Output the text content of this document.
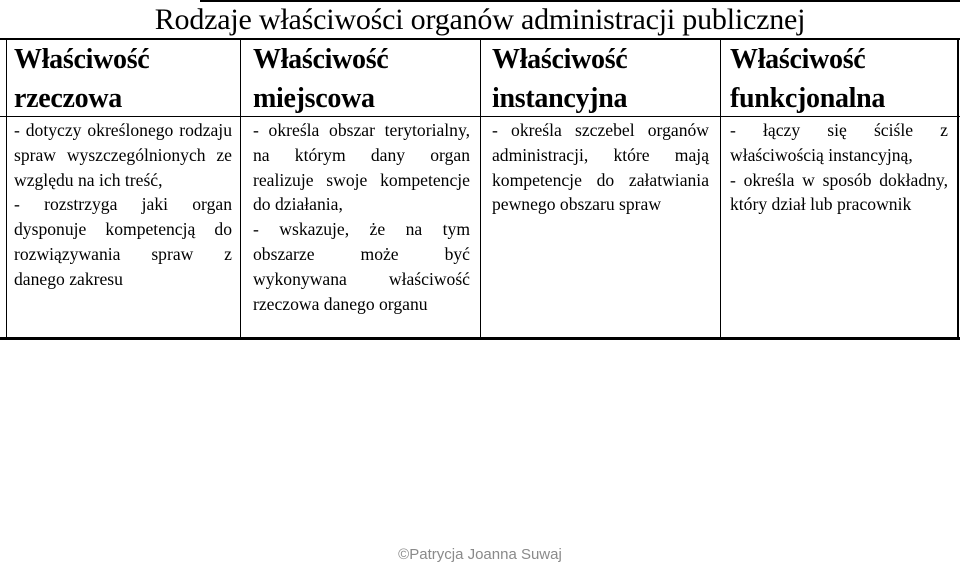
Rodzaje właściwości organów administracji publicznej
Właściwość
rzeczowa

- dotyczy określonego rodzaju spraw wyszczególnionych ze względu na ich treść,

- rozstrzyga jaki organ dysponuje kompetencją do rozwiązywania spraw z danego zakresu

Właściwość
miejscowa

- określa obszar terytorialny, na którym dany organ realizuje swoje kompetencje do działania,

- wskazuje, że na tym obszarze może być wykonywana właściwość rzeczowa danego organu

Właściwość
instancyjna

- określa szczebel organów administracji, które mają kompetencje do załatwiania pewnego obszaru spraw

Właściwość
funkcjonalna

- łączy się ściśle z właściwością instancyjną,

- określa w sposób dokładny, który dział lub pracownik

©Patrycja Joanna Suwaj
